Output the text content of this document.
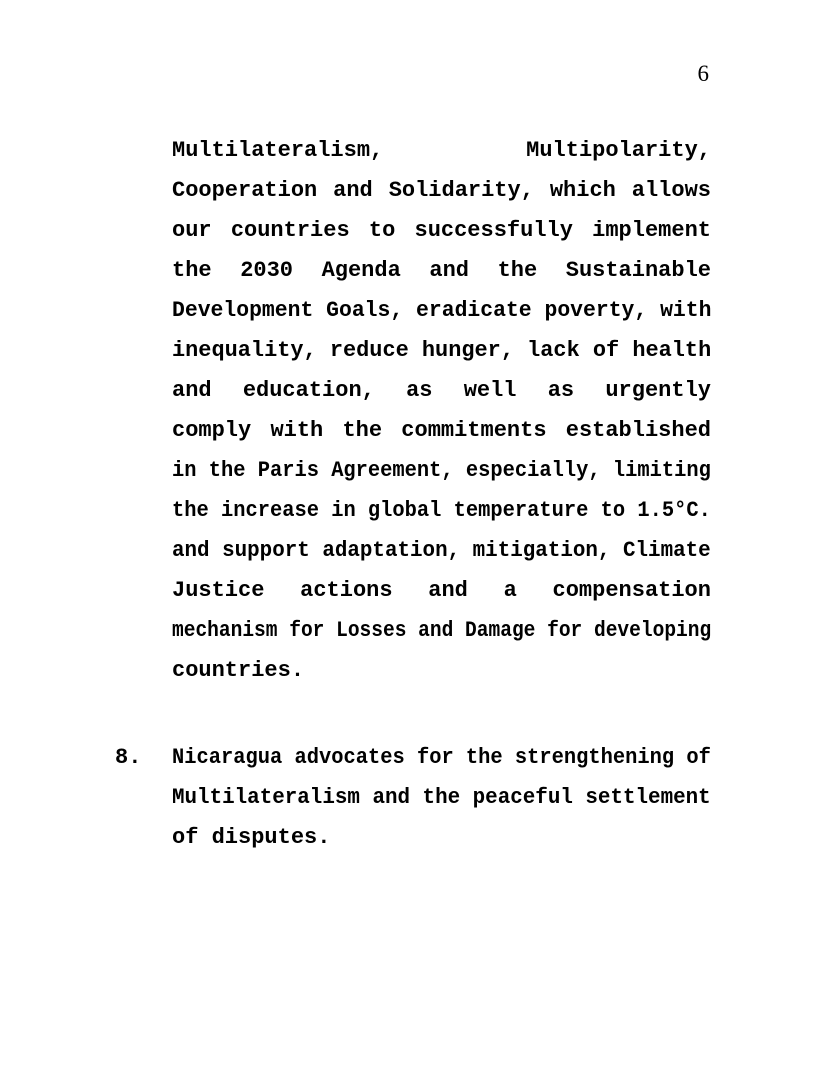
6
Multilateralism,	Multipolarity,
Cooperation and Solidarity, which allows
our countries to successfully implement
the 2030 Agenda and the Sustainable
Development Goals, eradicate poverty, with
inequality, reduce hunger, lack of health
and education, as well as urgently
comply with the commitments established
in the Paris Agreement, especially, limiting
the increase in global temperature to 1.5°C.
and support adaptation, mitigation, Climate
Justice actions and a compensation
mechanism for Losses and Damage for developing
countries.
8. Nicaragua advocates for the strengthening of
Multilateralism and the peaceful settlement
of disputes.
